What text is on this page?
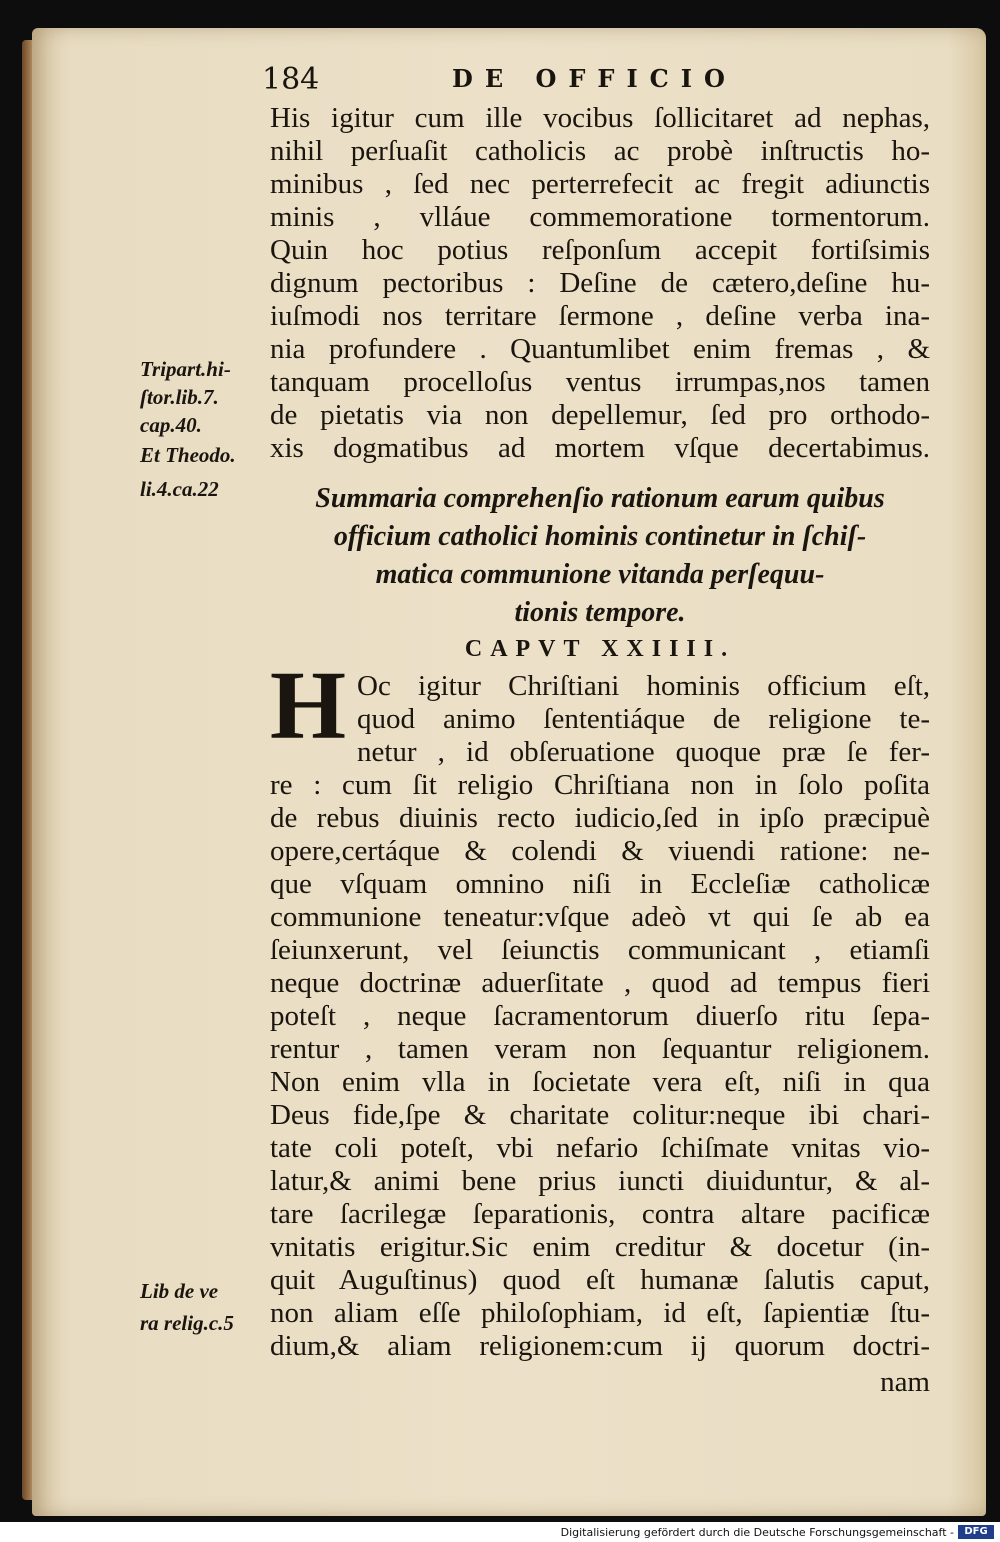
184	DE OFFICIO
His igitur cum ille vocibus ſollicitaret ad nephas,
nihil perſuaſit catholicis ac probè inſtructis ho-
minibus , ſed nec perterrefecit ac fregit adiunctis
minis , vlláue commemoratione tormentorum.
Quin hoc potius reſponſum accepit fortiſsimis
dignum pectoribus : Deſine de cætero,deſine hu-
iuſmodi nos territare ſermone , deſine verba ina-
nia profundere . Quantumlibet enim fremas , &
tanquam procelloſus ventus irrumpas,nos tamen
de pietatis via non depellemur, ſed pro orthodo-
xis dogmatibus ad mortem vſque decertabimus.
Summaria comprehenſio rationum earum quibus
officium catholici hominis continetur in ſchiſ-
matica communione vitanda perſequu-
tionis tempore.
CAPVT XXIIII.
H Oc igitur Chriſtiani hominis officium eſt,
quod animo ſententiáque de religione te-
netur , id obſeruatione quoque præ ſe fer-
re : cum ſit religio Chriſtiana non in ſolo poſita
de rebus diuinis recto iudicio,ſed in ipſo præcipuè
opere,certáque & colendi & viuendi ratione: ne-
que vſquam omnino niſi in Eccleſiæ catholicæ
communione teneatur:vſque adeò vt qui ſe ab ea
ſeiunxerunt, vel ſeiunctis communicant , etiamſi
neque doctrinæ aduerſitate , quod ad tempus fieri
poteſt , neque ſacramentorum diuerſo ritu ſepa-
rentur , tamen veram non ſequantur religionem.
Non enim vlla in ſocietate vera eſt, niſi in qua
Deus fide,ſpe & charitate colitur:neque ibi chari-
tate coli poteſt, vbi nefario ſchiſmate vnitas vio-
latur,& animi bene prius iuncti diuiduntur, & al-
tare ſacrilegæ ſeparationis, contra altare pacificæ
vnitatis erigitur.Sic enim creditur & docetur (in-
quit Auguſtinus) quod eſt humanæ ſalutis caput,
non aliam eſſe philoſophiam, id eſt, ſapientiæ ſtu-
dium,& aliam religionem:cum ij quorum doctri-
nam
Tripart.hi-
ſtor.lib.7.
cap.40.
Et Theodo.
li.4.ca.22
Lib de ve
ra relig.c.5
Digitalisierung gefördert durch die Deutsche Forschungsgemeinschaft -	DFG
